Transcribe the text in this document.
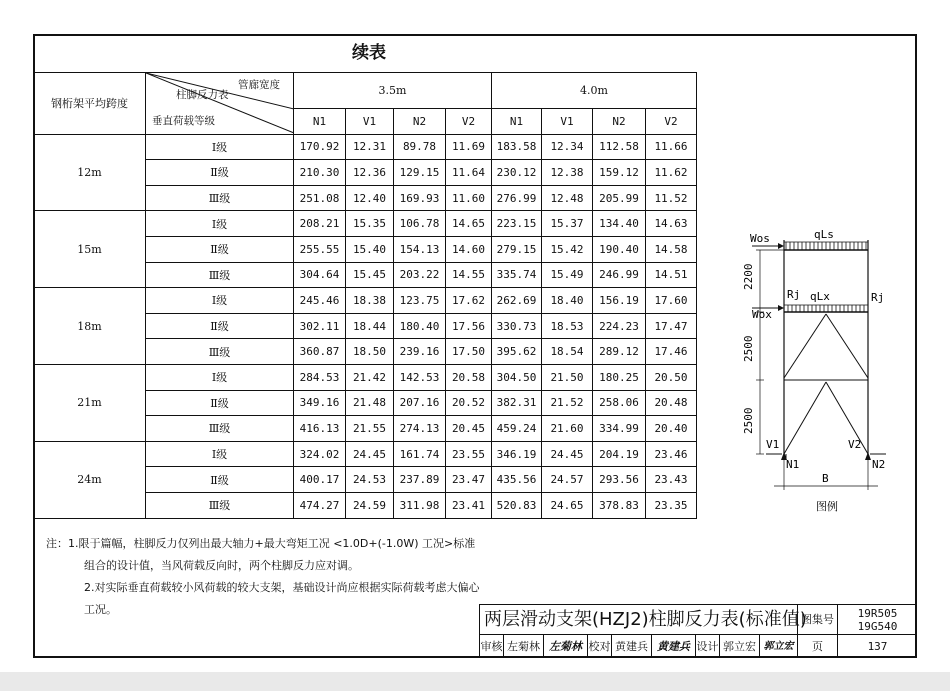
续表
钢桁架平均跨度	管廊宽度
柱脚反力表
垂直荷载等级	3.5m				4.0m			
		N1	V1	N2	V2	N1	V1	N2	V2
12m	Ⅰ级	170.92	12.31	89.78	11.69	183.58	12.34	112.58	11.66
	Ⅱ级	210.30	12.36	129.15	11.64	230.12	12.38	159.12	11.62
	Ⅲ级	251.08	12.40	169.93	11.60	276.99	12.48	205.99	11.52
15m	Ⅰ级	208.21	15.35	106.78	14.65	223.15	15.37	134.40	14.63
	Ⅱ级	255.55	15.40	154.13	14.60	279.15	15.42	190.40	14.58
	Ⅲ级	304.64	15.45	203.22	14.55	335.74	15.49	246.99	14.51
18m	Ⅰ级	245.46	18.38	123.75	17.62	262.69	18.40	156.19	17.60
	Ⅱ级	302.11	18.44	180.40	17.56	330.73	18.53	224.23	17.47
	Ⅲ级	360.87	18.50	239.16	17.50	395.62	18.54	289.12	17.46
21m	Ⅰ级	284.53	21.42	142.53	20.58	304.50	21.50	180.25	20.50
	Ⅱ级	349.16	21.48	207.16	20.52	382.31	21.52	258.06	20.48
	Ⅲ级	416.13	21.55	274.13	20.45	459.24	21.60	334.99	20.40
24m	Ⅰ级	324.02	24.45	161.74	23.55	346.19	24.45	204.19	23.46
	Ⅱ级	400.17	24.53	237.89	23.47	435.56	24.57	293.56	23.43
	Ⅲ级	474.27	24.59	311.98	23.41	520.83	24.65	378.83	23.35
注：1.限于篇幅，柱脚反力仅列出最大轴力+最大弯矩工况 <1.0D+(-1.0W) 工况>标准
组合的设计值，当风荷载反向时，两个柱脚反力应对调。
2.对实际垂直荷载较小风荷载的较大支架，基础设计尚应根据实际荷载考虑大偏心
工况。
qLs
Wos
qLx
Wox
Rj	Rj
2200
2500
2500
V1	V2
N1	N2
B
图例
两层滑动支架(HZJ2)柱脚反力表(标准值)
图集号	19R505
19G540
审核 左菊林 左菊林 校对 黄建兵 黄建兵 设计 郭立宏 郭立宏	页	137
